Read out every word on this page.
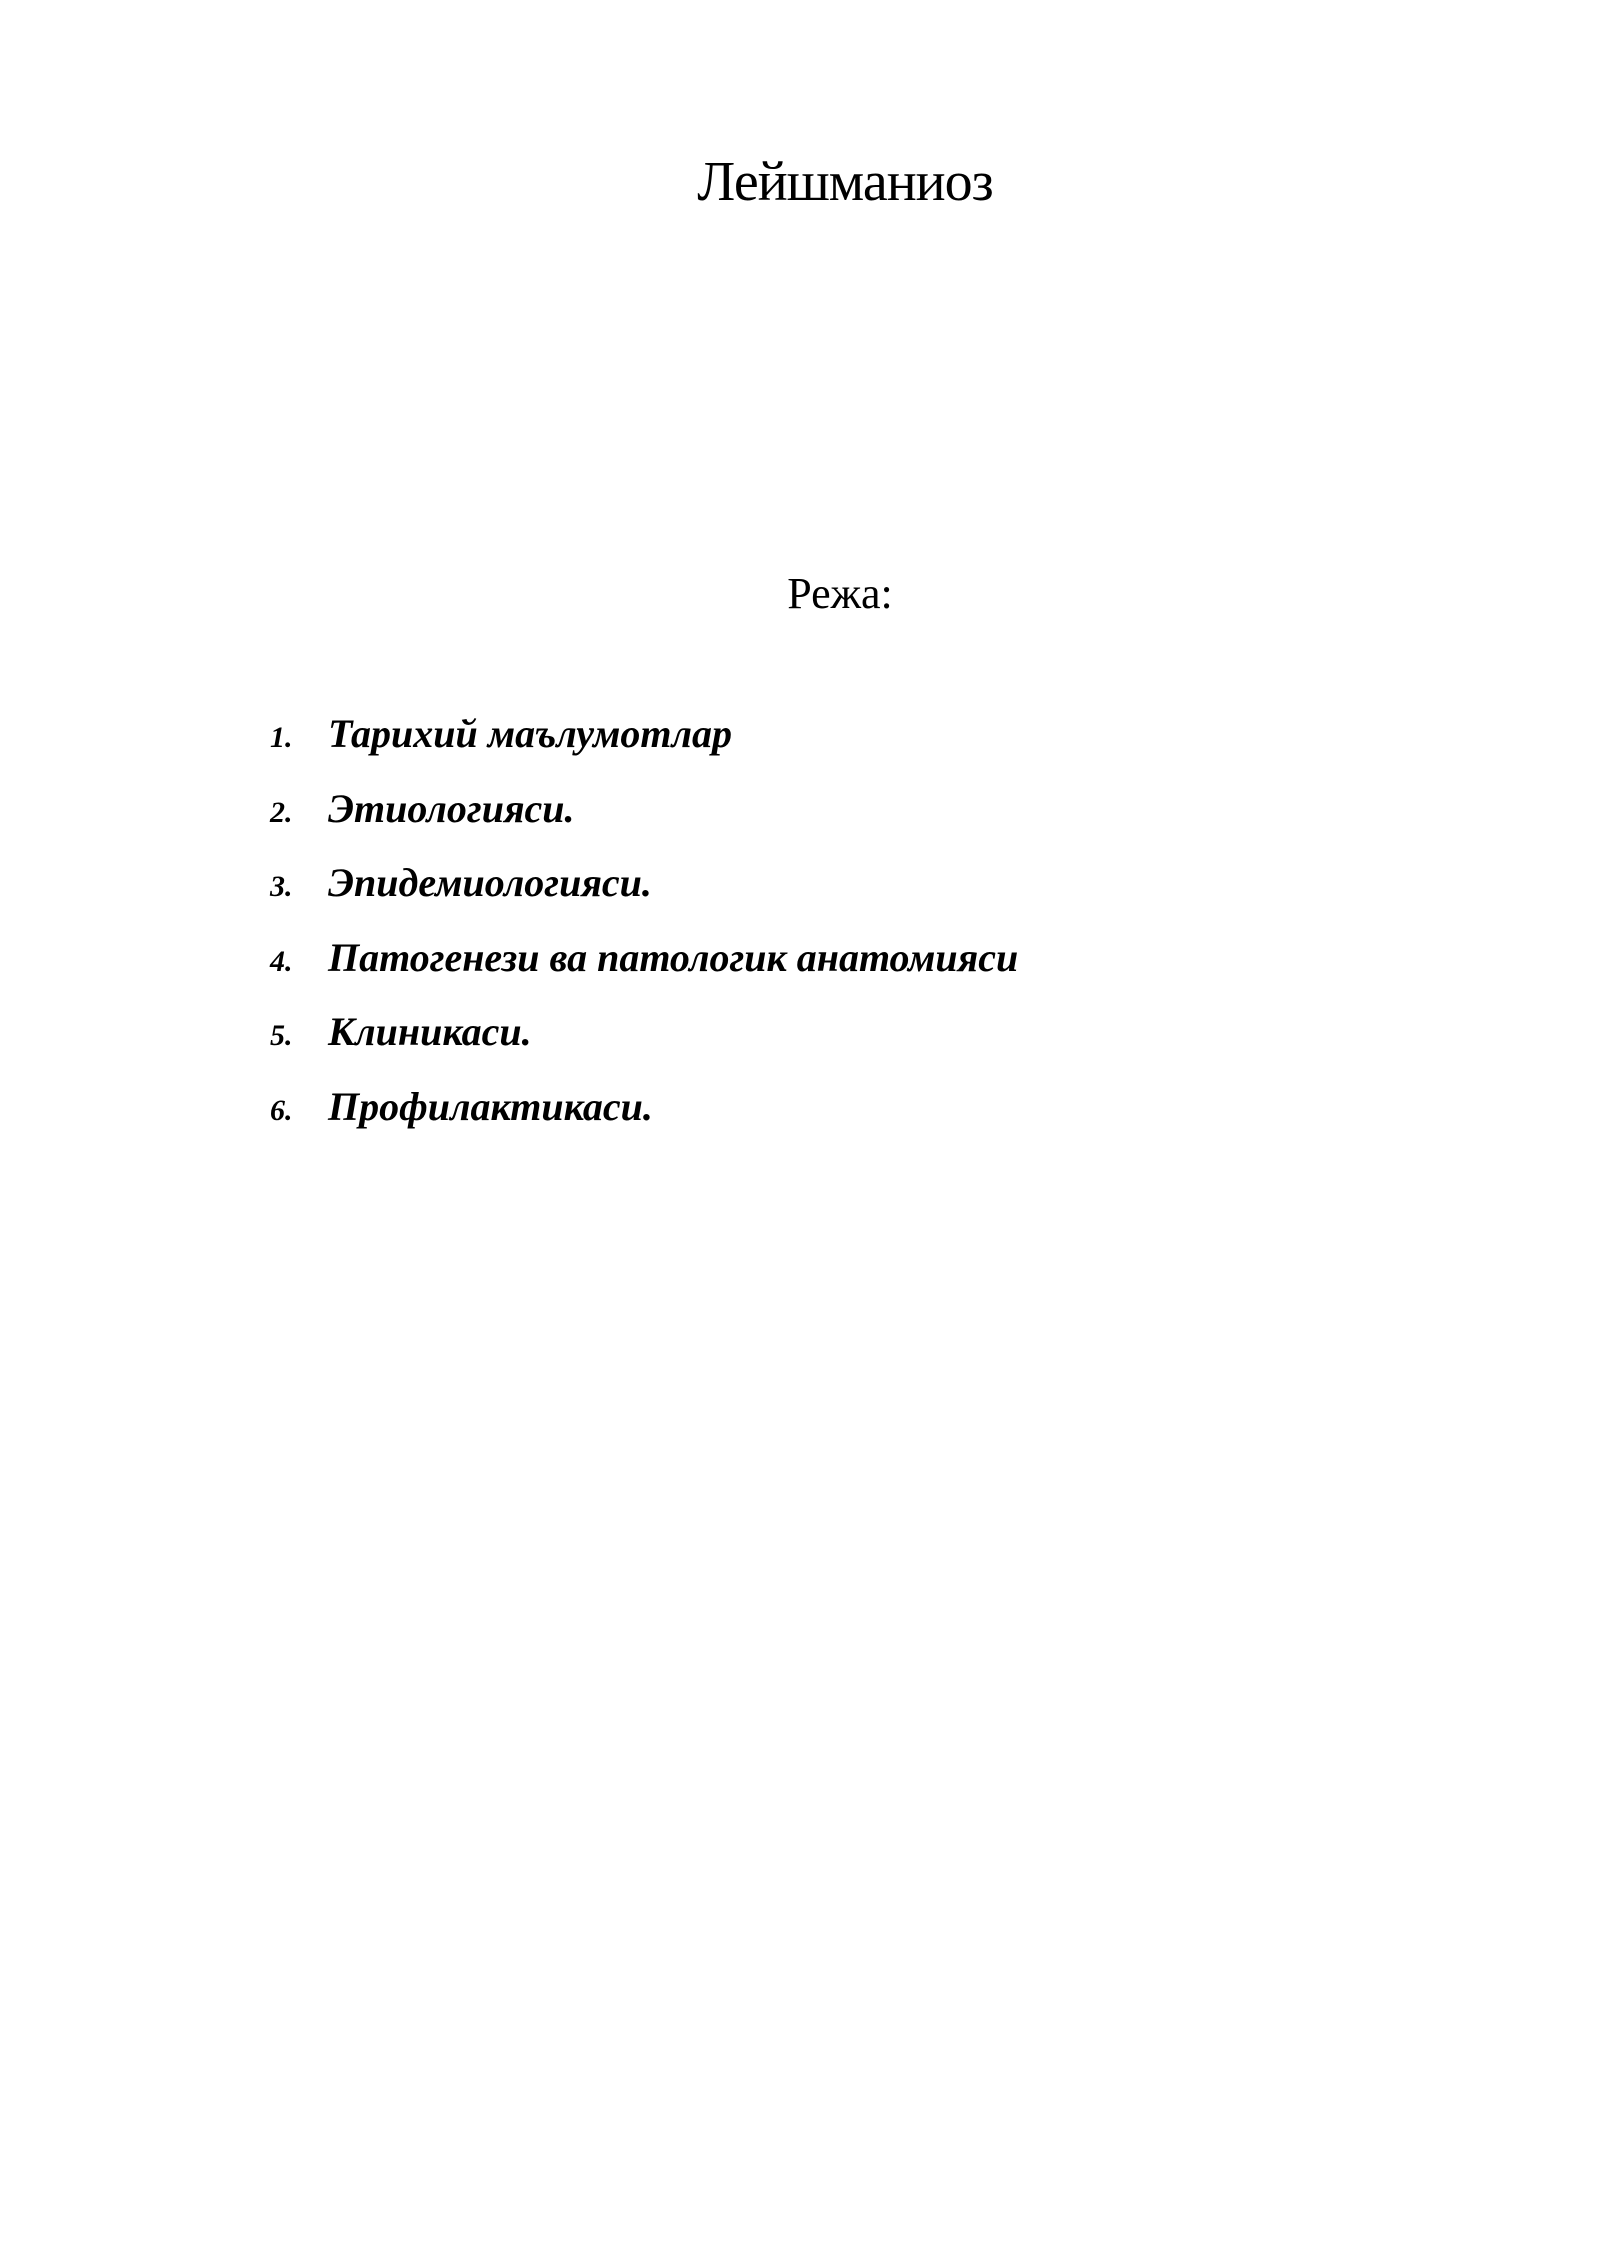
Лейшманиоз
Режа:
1. Тарихий маълумотлар
2. Этиологияси.
3. Эпидемиологияси.
4. Патогенези ва патологик анатомияси
5. Клиникаси.
6. Профилактикаси.
